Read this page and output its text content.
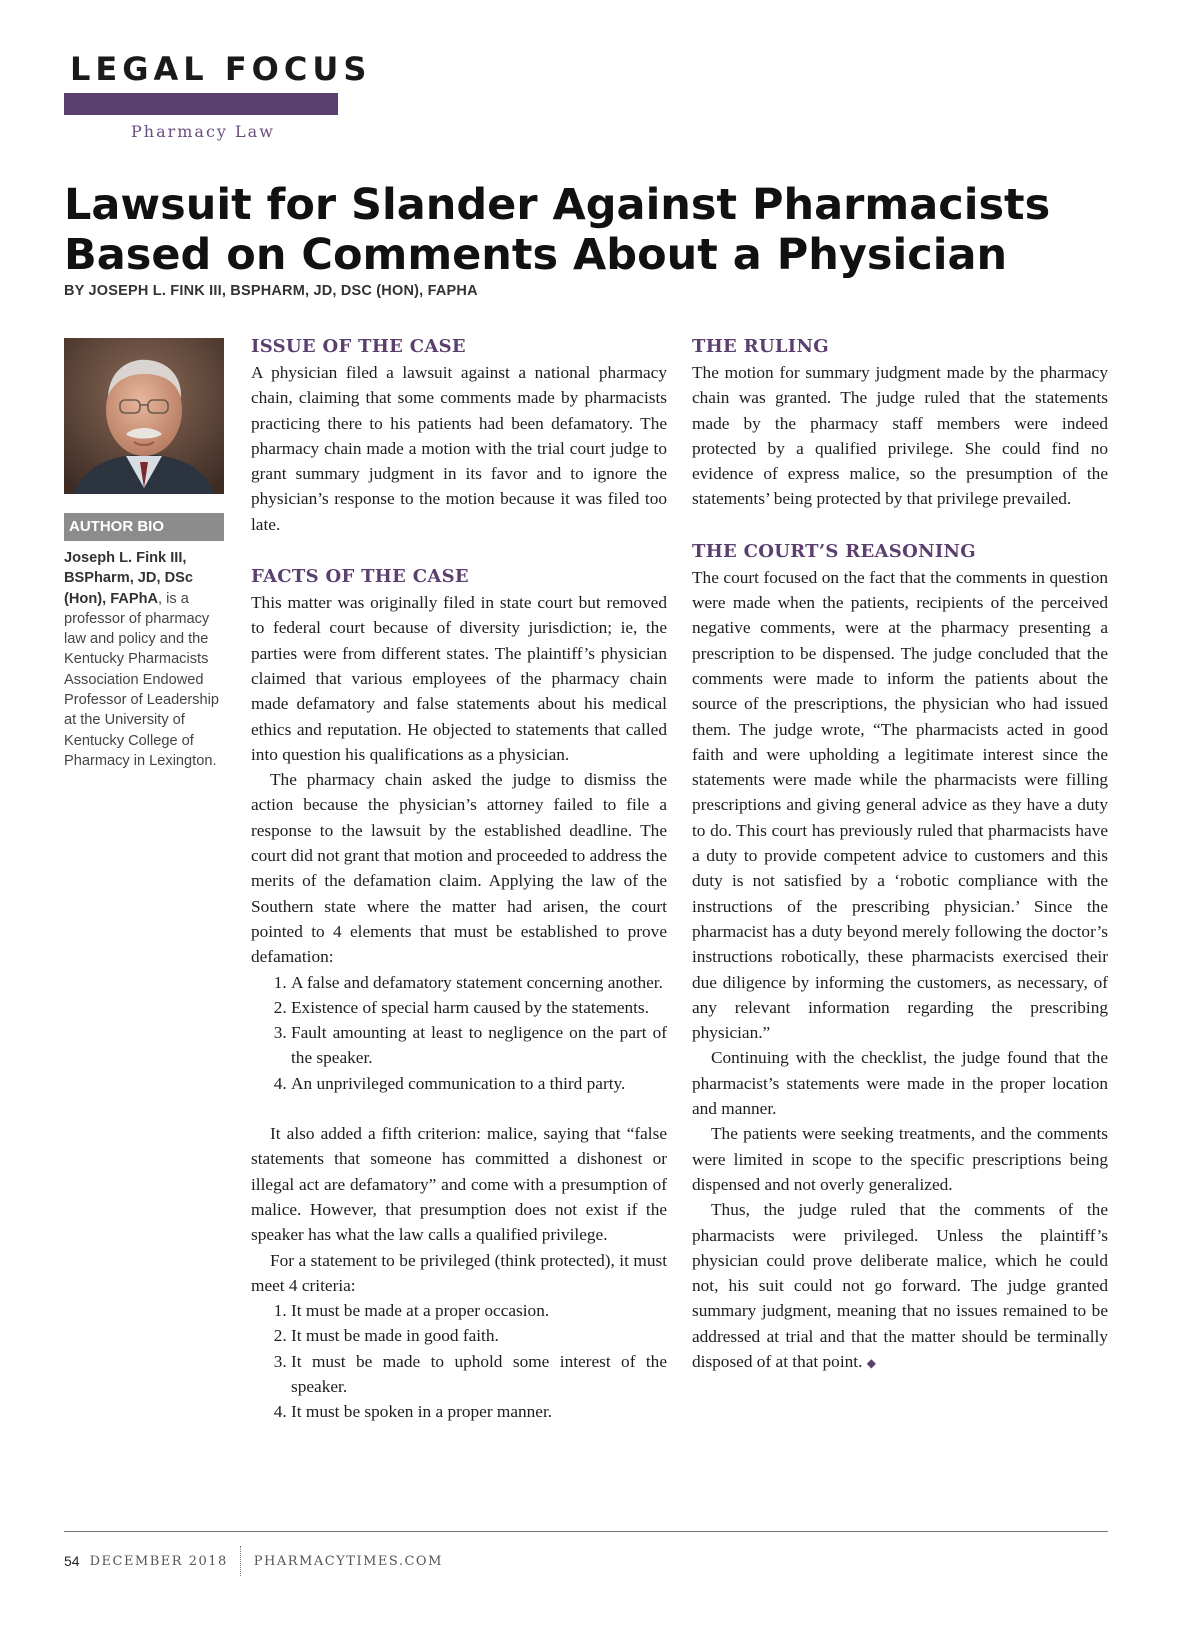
LEGAL FOCUS
Pharmacy Law
Lawsuit for Slander Against Pharmacists Based on Comments About a Physician
BY JOSEPH L. FINK III, BSPHARM, JD, DSC (HON), FAPHA
AUTHOR BIO
Joseph L. Fink III, BSPharm, JD, DSc (Hon), FAPhA, is a professor of pharmacy law and policy and the Kentucky Pharmacists Association Endowed Professor of Leadership at the University of Kentucky College of Pharmacy in Lexington.
ISSUE OF THE CASE

A physician filed a lawsuit against a national pharmacy chain, claiming that some comments made by pharmacists practicing there to his patients had been defamatory. The pharmacy chain made a motion with the trial court judge to grant summary judgment in its favor and to ignore the physician’s response to the motion because it was filed too late.

FACTS OF THE CASE

This matter was originally filed in state court but removed to federal court because of diversity jurisdiction; ie, the parties were from different states. The plaintiff’s physician claimed that various employees of the pharmacy chain made defamatory and false statements about his medical ethics and reputation. He objected to statements that called into question his qualifications as a physician.

The pharmacy chain asked the judge to dismiss the action because the physician’s attorney failed to file a response to the lawsuit by the established deadline. The court did not grant that motion and proceeded to address the merits of the defamation claim. Applying the law of the Southern state where the matter had arisen, the court pointed to 4 elements that must be established to prove defamation:

1. A false and defamatory statement concerning another.
2. Existence of special harm caused by the statements.
3. Fault amounting at least to negligence on the part of the speaker.
4. An unprivileged communication to a third party.

It also added a fifth criterion: malice, saying that “false statements that someone has committed a dishonest or illegal act are defamatory” and come with a presumption of malice. However, that presumption does not exist if the speaker has what the law calls a qualified privilege.

For a statement to be privileged (think protected), it must meet 4 criteria:

1. It must be made at a proper occasion.
2. It must be made in good faith.
3. It must be made to uphold some interest of the speaker.
4. It must be spoken in a proper manner.
THE RULING

The motion for summary judgment made by the pharmacy chain was granted. The judge ruled that the statements made by the pharmacy staff members were indeed protected by a qualified privilege. She could find no evidence of express malice, so the presumption of the statements’ being protected by that privilege prevailed.

THE COURT’S REASONING

The court focused on the fact that the comments in question were made when the patients, recipients of the perceived negative comments, were at the pharmacy presenting a prescription to be dispensed. The judge concluded that the comments were made to inform the patients about the source of the prescriptions, the physician who had issued them. The judge wrote, “The pharmacists acted in good faith and were upholding a legitimate interest since the statements were made while the pharmacists were filling prescriptions and giving general advice as they have a duty to do. This court has previously ruled that pharmacists have a duty to provide competent advice to customers and this duty is not satisfied by a ‘robotic compliance with the instructions of the prescribing physician.’ Since the pharmacist has a duty beyond merely following the doctor’s instructions robotically, these pharmacists exercised their due diligence by informing the customers, as necessary, of any relevant information regarding the prescribing physician.”

Continuing with the checklist, the judge found that the pharmacist’s statements were made in the proper location and manner.

The patients were seeking treatments, and the comments were limited in scope to the specific prescriptions being dispensed and not overly generalized.

Thus, the judge ruled that the comments of the pharmacists were privileged. Unless the plaintiff’s physician could prove deliberate malice, which he could not, his suit could not go forward. The judge granted summary judgment, meaning that no issues remained to be addressed at trial and that the matter should be terminally disposed of at that point. ◆

54 DECEMBER 2018 PHARMACYTIMES.COM
